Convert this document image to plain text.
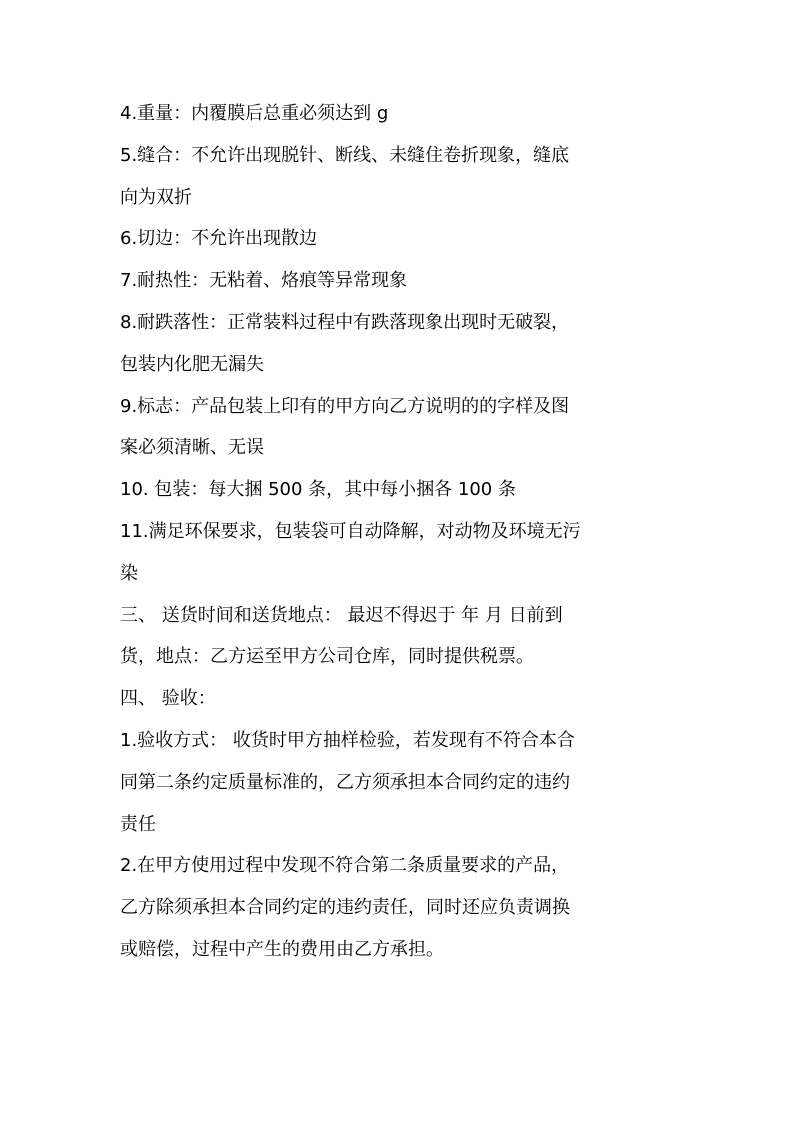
4.重量：内覆膜后总重必须达到 g
5.缝合：不允许出现脱针、断线、未缝住卷折现象，缝底
向为双折
6.切边：不允许出现散边
7.耐热性：无粘着、烙痕等异常现象
8.耐跌落性：正常装料过程中有跌落现象出现时无破裂，
包装内化肥无漏失
9.标志：产品包装上印有的甲方向乙方说明的的字样及图
案必须清晰、无误
10. 包装：每大捆 500 条，其中每小捆各 100 条
11.满足环保要求，包装袋可自动降解，对动物及环境无污
染
三、 送货时间和送货地点： 最迟不得迟于 年 月 日前到
货，地点：乙方运至甲方公司仓库，同时提供税票。
四、 验收：
1.验收方式： 收货时甲方抽样检验，若发现有不符合本合
同第二条约定质量标准的，乙方须承担本合同约定的违约
责任
2.在甲方使用过程中发现不符合第二条质量要求的产品，
乙方除须承担本合同约定的违约责任，同时还应负责调换
或赔偿，过程中产生的费用由乙方承担。
